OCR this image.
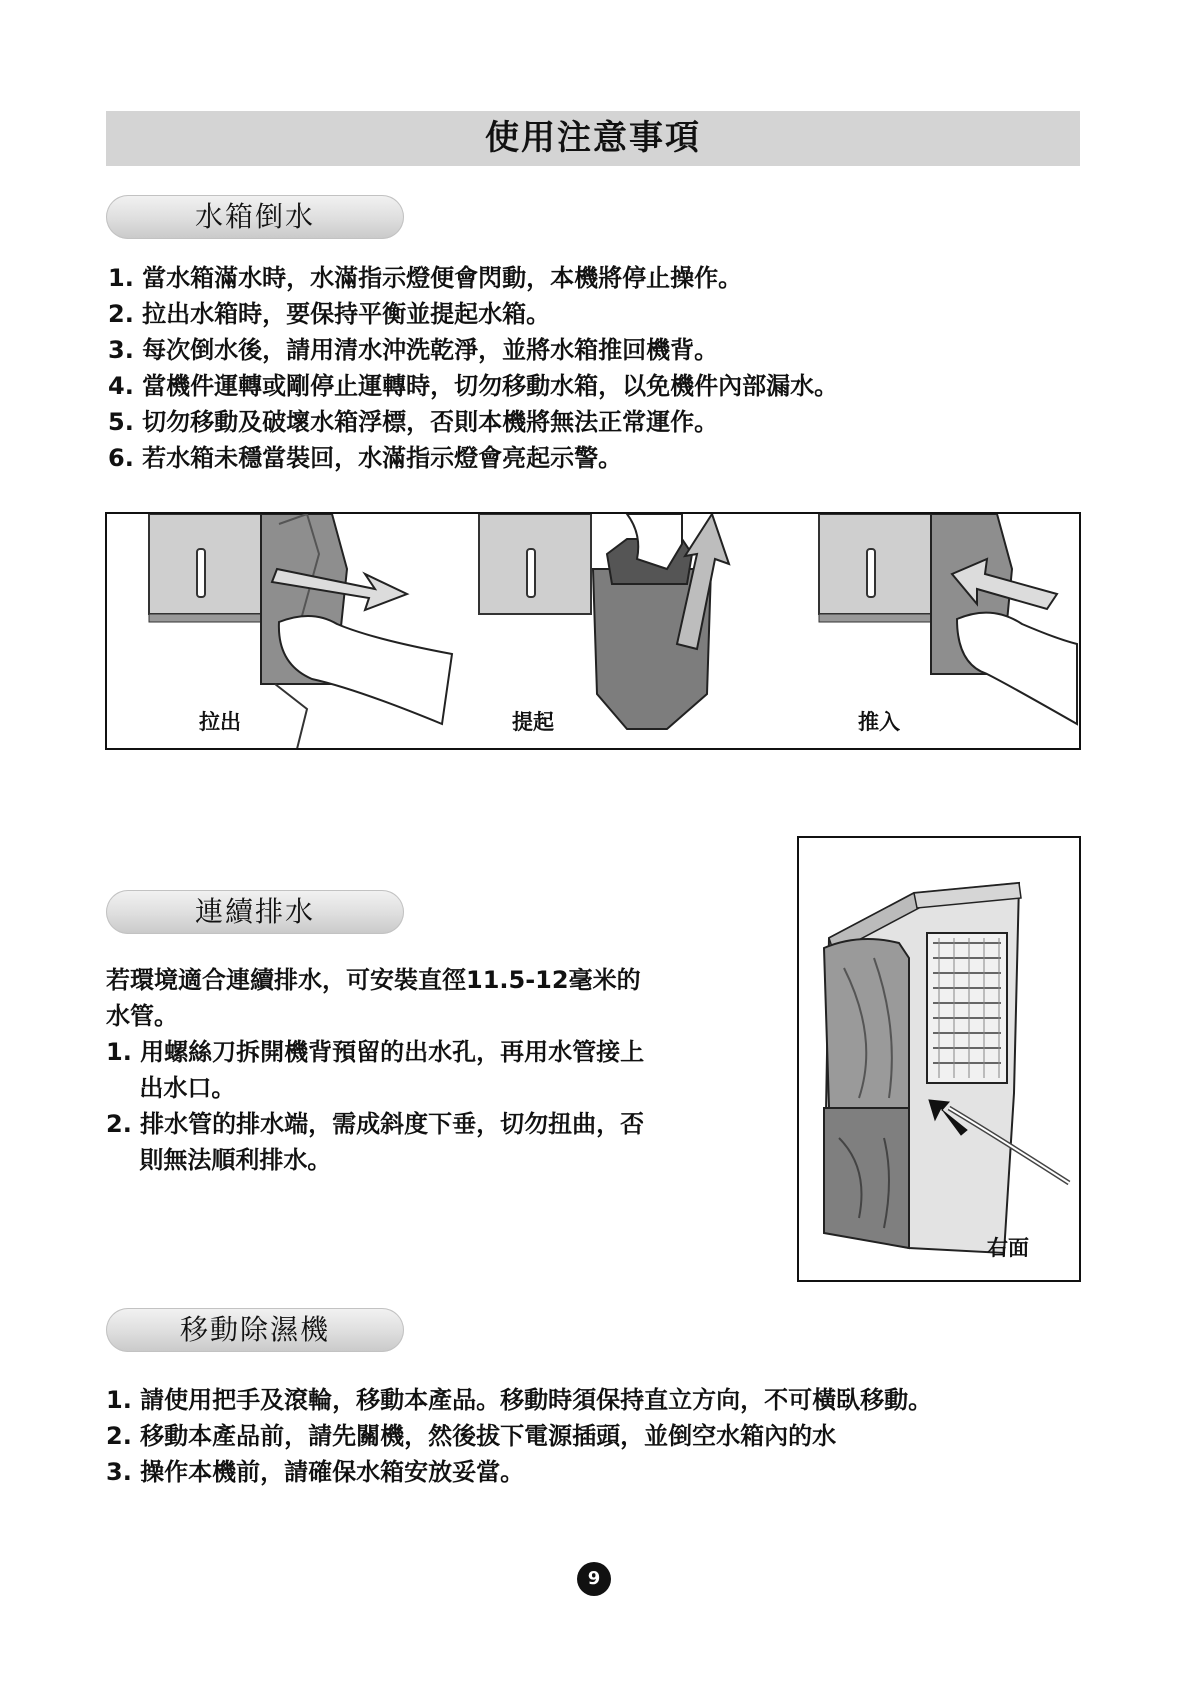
使用注意事項
水箱倒水
1. 當水箱滿水時，水滿指示燈便會閃動，本機將停止操作。
2. 拉出水箱時，要保持平衡並提起水箱。
3. 每次倒水後，請用清水沖洗乾淨，並將水箱推回機背。
4. 當機件運轉或剛停止運轉時，切勿移動水箱，以免機件內部漏水。
5. 切勿移動及破壞水箱浮標，否則本機將無法正常運作。
6. 若水箱未穩當裝回，水滿指示燈會亮起示警。
拉出	提起	推入
連續排水
若環境適合連續排水，可安裝直徑11.5-12毫米的
水管。
1. 用螺絲刀拆開機背預留的出水孔，再用水管接上
出水口。
2. 排水管的排水端，需成斜度下垂，切勿扭曲，否
則無法順利排水。
右面
移動除濕機
1. 請使用把手及滾輪，移動本產品。移動時須保持直立方向，不可橫臥移動。
2. 移動本產品前，請先關機，然後拔下電源插頭，並倒空水箱內的水
3. 操作本機前，請確保水箱安放妥當。
9
